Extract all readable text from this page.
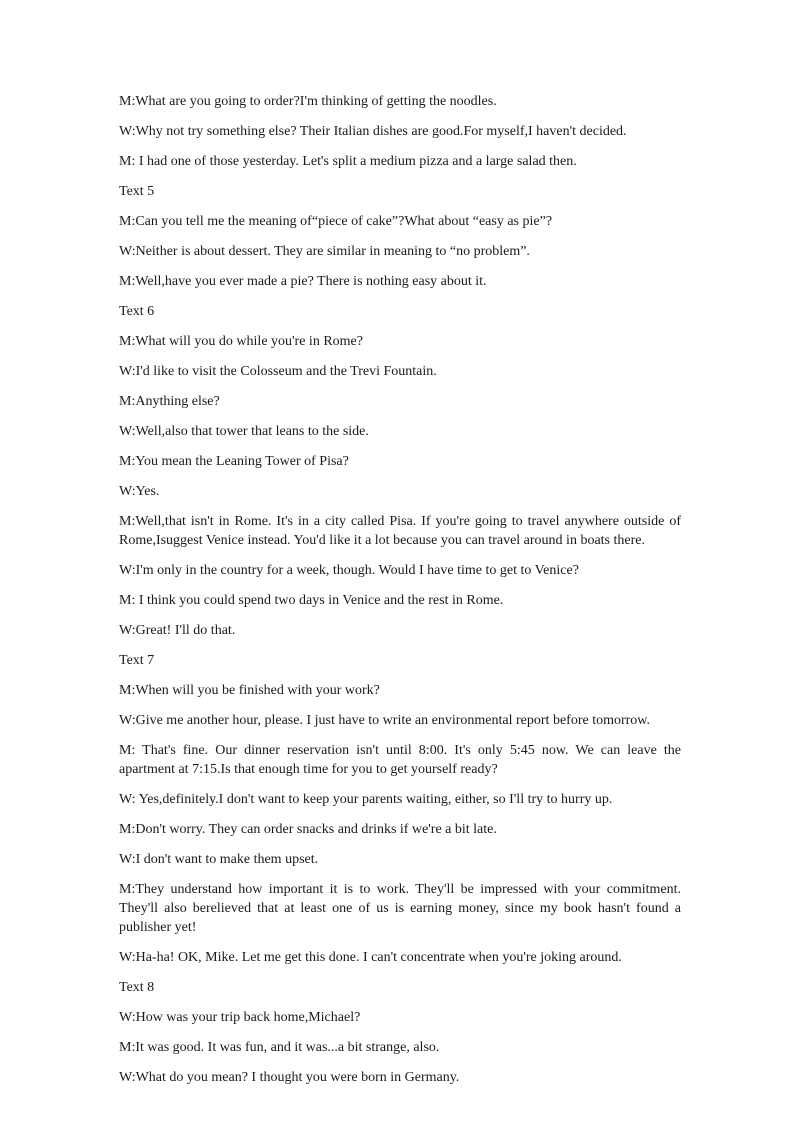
M:What are you going to order?I'm thinking of getting the noodles.

W:Why not try something else? Their Italian dishes are good.For myself,I haven't decided.

M: I had one of those yesterday. Let's split a medium pizza and a large salad then.

Text 5

M:Can you tell me the meaning of“piece of cake”?What about “easy as pie”?

W:Neither is about dessert. They are similar in meaning to “no problem”.

M:Well,have you ever made a pie? There is nothing easy about it.

Text 6

M:What will you do while you're in Rome?

W:I'd like to visit the Colosseum and the Trevi Fountain.

M:Anything else?

W:Well,also that tower that leans to the side.

M:You mean the Leaning Tower of Pisa?

W:Yes.

M:Well,that isn't in Rome. It's in a city called Pisa. If you're going to travel anywhere outside of Rome,Isuggest Venice instead. You'd like it a lot because you can travel around in boats there.

W:I'm only in the country for a week, though. Would I have time to get to Venice?

M: I think you could spend two days in Venice and the rest in Rome.

W:Great! I'll do that.

Text 7

M:When will you be finished with your work?

W:Give me another hour, please. I just have to write an environmental report before tomorrow.

M: That's fine. Our dinner reservation isn't until 8:00. It's only 5:45 now. We can leave the apartment at 7:15.Is that enough time for you to get yourself ready?

W: Yes,definitely.I don't want to keep your parents waiting, either, so I'll try to hurry up.

M:Don't worry. They can order snacks and drinks if we're a bit late.

W:I don't want to make them upset.

M:They understand how important it is to work. They'll be impressed with your commitment. They'll also berelieved that at least one of us is earning money, since my book hasn't found a publisher yet!

W:Ha-ha! OK, Mike. Let me get this done. I can't concentrate when you're joking around.

Text 8

W:How was your trip back home,Michael?

M:It was good. It was fun, and it was...a bit strange, also.

W:What do you mean? I thought you were born in Germany.
